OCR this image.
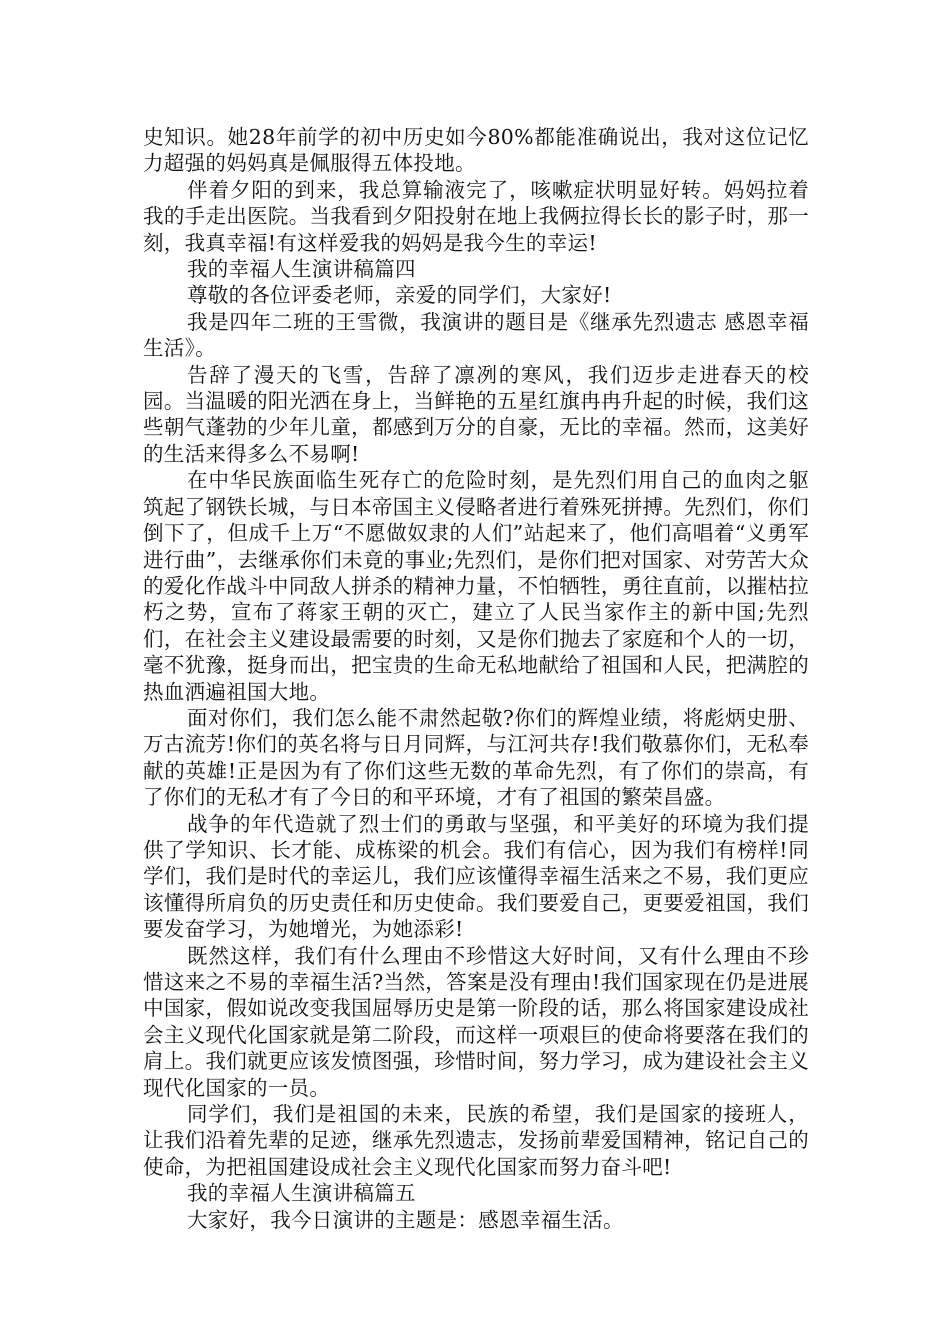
史知识。她28年前学的初中历史如今80%都能准确说出，我对这位记忆力超强的妈妈真是佩服得五体投地。

伴着夕阳的到来，我总算输液完了，咳嗽症状明显好转。妈妈拉着我的手走出医院。当我看到夕阳投射在地上我俩拉得长长的影子时，那一刻，我真幸福!有这样爱我的妈妈是我今生的幸运!

我的幸福人生演讲稿篇四

尊敬的各位评委老师，亲爱的同学们，大家好!

我是四年二班的王雪微，我演讲的题目是《继承先烈遗志 感恩幸福生活》。

告辞了漫天的飞雪，告辞了凛冽的寒风，我们迈步走进春天的校园。当温暖的阳光洒在身上，当鲜艳的五星红旗冉冉升起的时候，我们这些朝气蓬勃的少年儿童，都感到万分的自豪，无比的幸福。然而，这美好的生活来得多么不易啊!

在中华民族面临生死存亡的危险时刻，是先烈们用自己的血肉之躯筑起了钢铁长城，与日本帝国主义侵略者进行着殊死拼搏。先烈们，你们倒下了，但成千上万“不愿做奴隶的人们”站起来了，他们高唱着“义勇军进行曲”，去继承你们未竟的事业;先烈们，是你们把对国家、对劳苦大众的爱化作战斗中同敌人拼杀的精神力量，不怕牺牲，勇往直前，以摧枯拉朽之势，宣布了蒋家王朝的灭亡，建立了人民当家作主的新中国;先烈们，在社会主义建设最需要的时刻，又是你们抛去了家庭和个人的一切，毫不犹豫，挺身而出，把宝贵的生命无私地献给了祖国和人民，把满腔的热血洒遍祖国大地。

面对你们，我们怎么能不肃然起敬?你们的辉煌业绩，将彪炳史册、万古流芳!你们的英名将与日月同辉，与江河共存!我们敬慕你们，无私奉献的英雄!正是因为有了你们这些无数的革命先烈，有了你们的崇高，有了你们的无私才有了今日的和平环境，才有了祖国的繁荣昌盛。

战争的年代造就了烈士们的勇敢与坚强，和平美好的环境为我们提供了学知识、长才能、成栋梁的机会。我们有信心，因为我们有榜样!同学们，我们是时代的幸运儿，我们应该懂得幸福生活来之不易，我们更应该懂得所肩负的历史责任和历史使命。我们要爱自己，更要爱祖国，我们要发奋学习，为她增光，为她添彩!

既然这样，我们有什么理由不珍惜这大好时间，又有什么理由不珍惜这来之不易的幸福生活?当然，答案是没有理由!我们国家现在仍是进展中国家，假如说改变我国屈辱历史是第一阶段的话，那么将国家建设成社会主义现代化国家就是第二阶段，而这样一项艰巨的使命将要落在我们的肩上。我们就更应该发愤图强，珍惜时间，努力学习，成为建设社会主义现代化国家的一员。

同学们，我们是祖国的未来，民族的希望，我们是国家的接班人，让我们沿着先辈的足迹，继承先烈遗志，发扬前辈爱国精神，铭记自己的使命，为把祖国建设成社会主义现代化国家而努力奋斗吧!

我的幸福人生演讲稿篇五

大家好，我今日演讲的主题是：感恩幸福生活。
